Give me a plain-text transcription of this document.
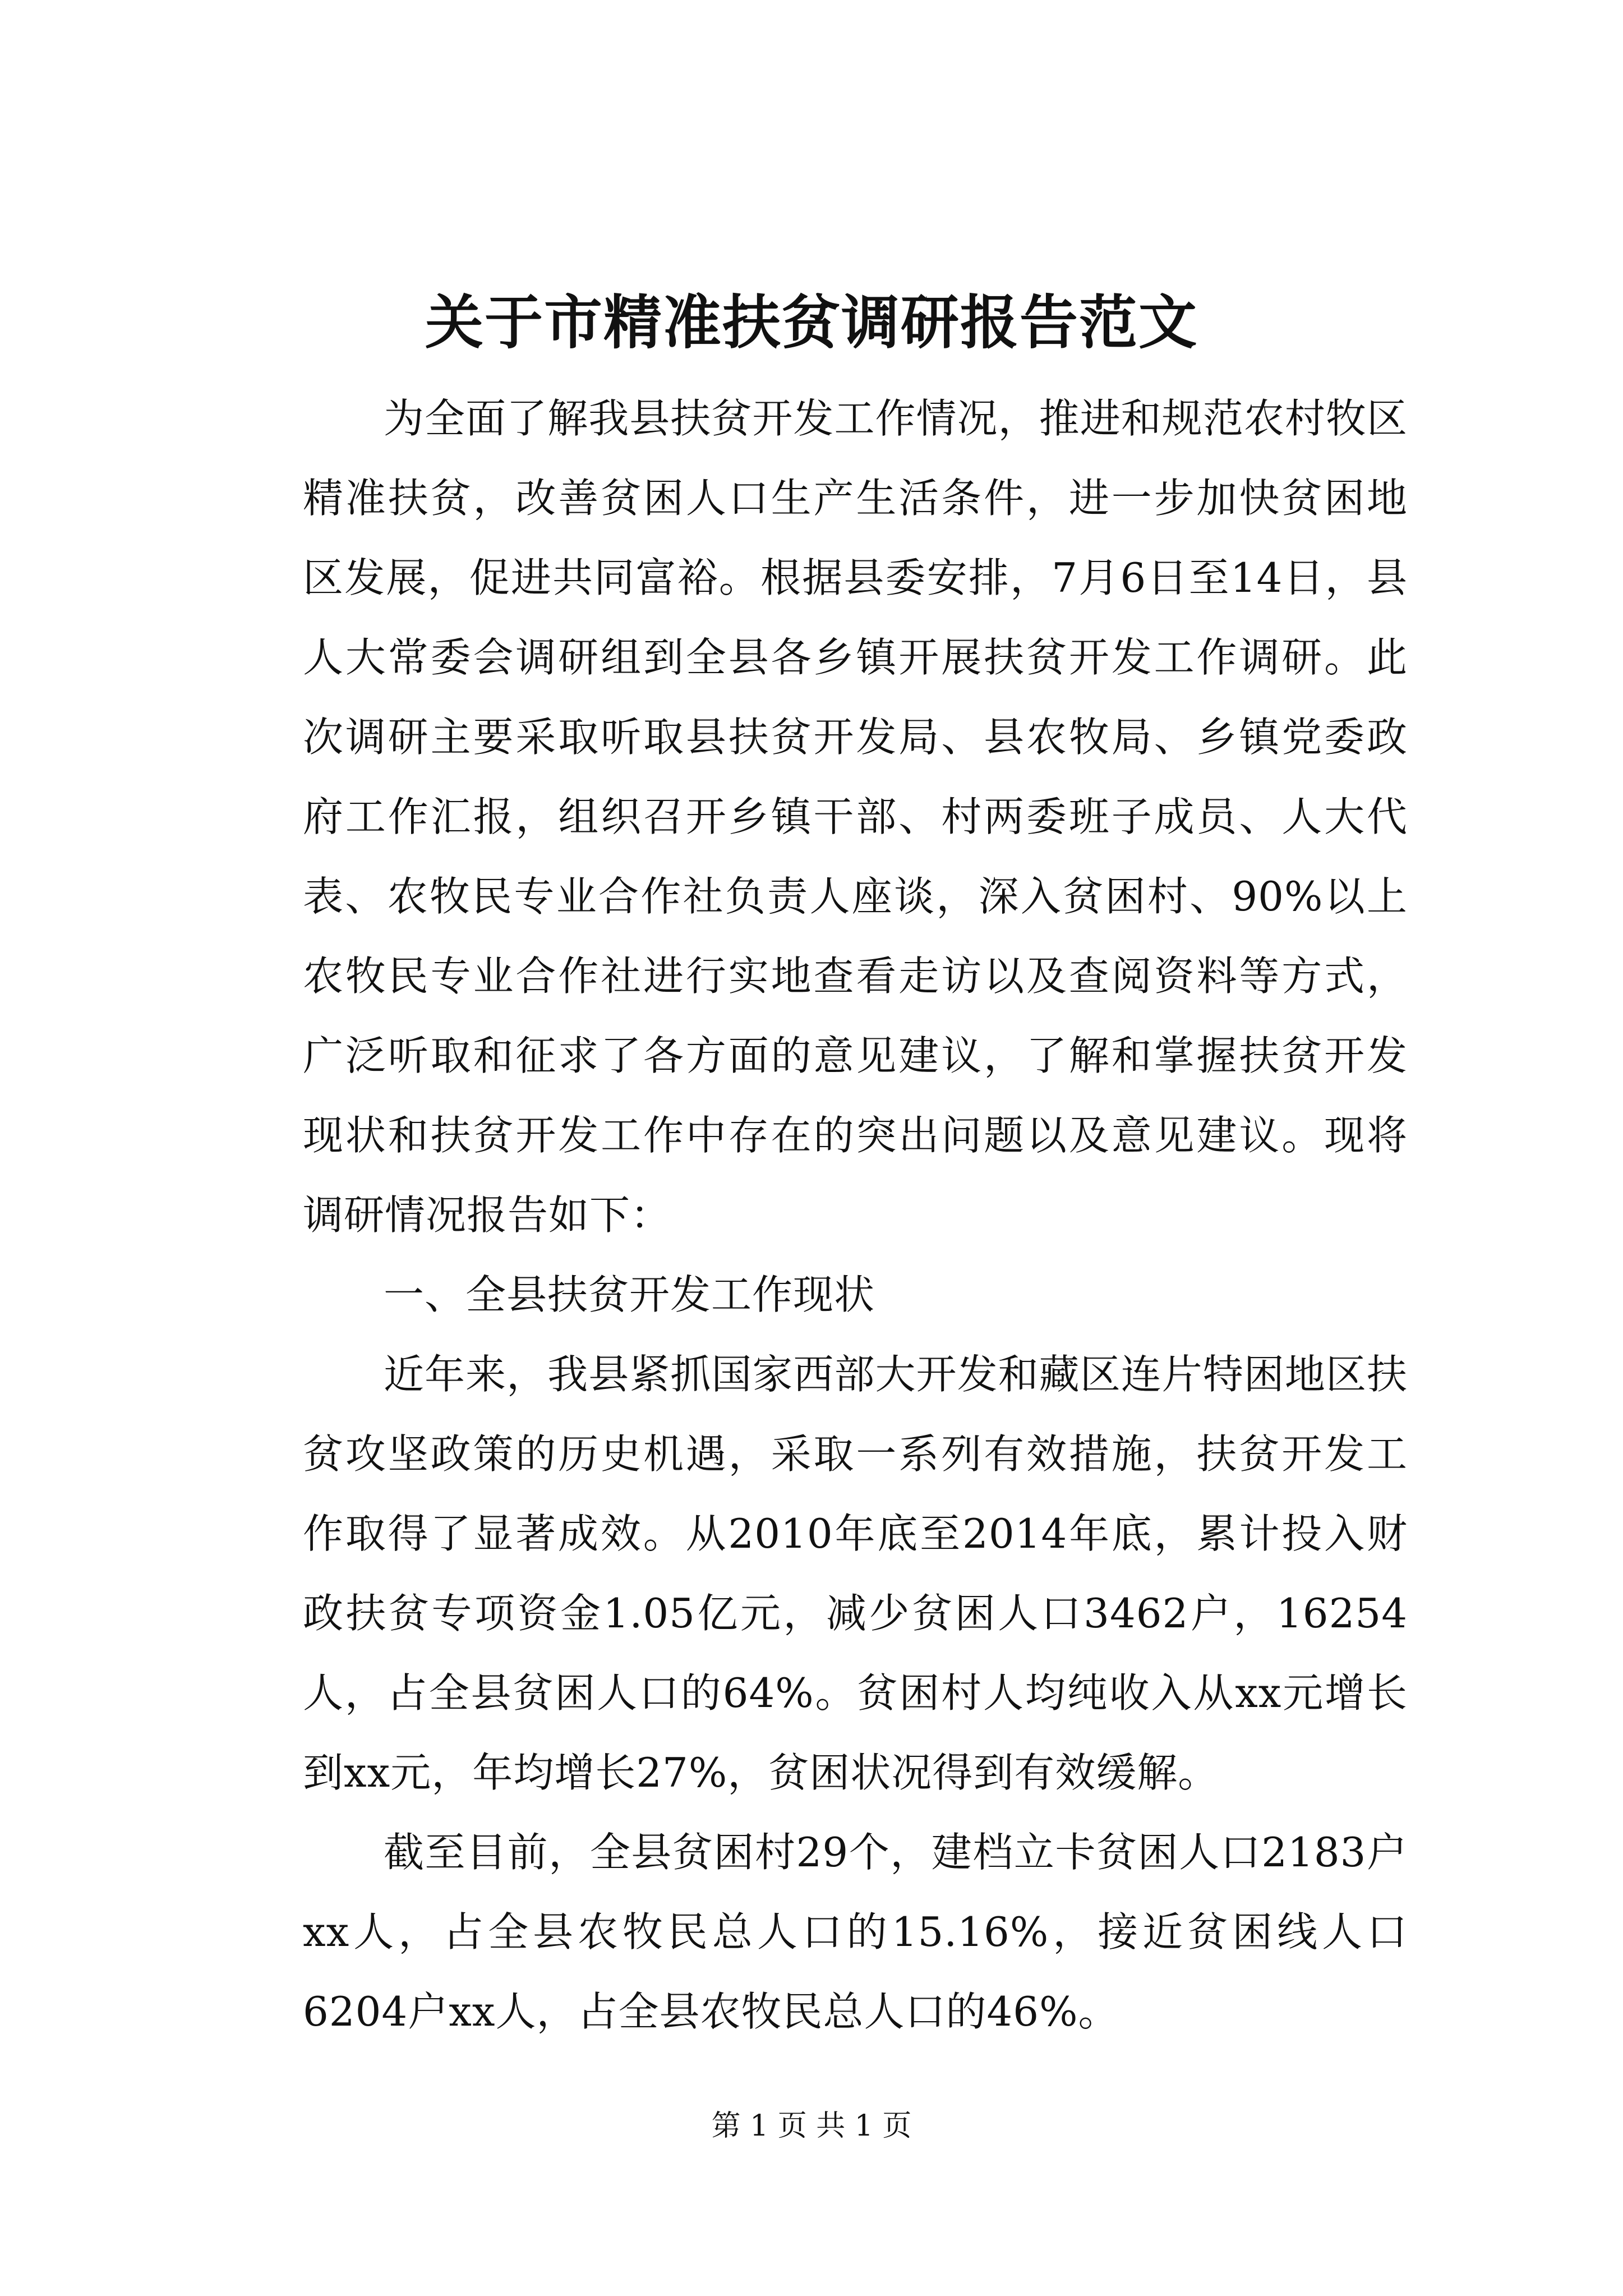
关于市精准扶贫调研报告范文

为全面了解我县扶贫开发工作情况，推进和规范农村牧区精准扶贫，改善贫困人口生产生活条件，进一步加快贫困地区发展，促进共同富裕。根据县委安排，7月6日至14日，县人大常委会调研组到全县各乡镇开展扶贫开发工作调研。此次调研主要采取听取县扶贫开发局、县农牧局、乡镇党委政府工作汇报，组织召开乡镇干部、村两委班子成员、人大代表、农牧民专业合作社负责人座谈，深入贫困村、90%以上农牧民专业合作社进行实地查看走访以及查阅资料等方式，广泛听取和征求了各方面的意见建议，了解和掌握扶贫开发现状和扶贫开发工作中存在的突出问题以及意见建议。现将调研情况报告如下：

一、全县扶贫开发工作现状

近年来，我县紧抓国家西部大开发和藏区连片特困地区扶贫攻坚政策的历史机遇，采取一系列有效措施，扶贫开发工作取得了显著成效。从2010年底至2014年底，累计投入财政扶贫专项资金1.05亿元，减少贫困人口3462户，16254人，占全县贫困人口的64%。贫困村人均纯收入从xx元增长到xx元，年均增长27%，贫困状况得到有效缓解。

截至目前，全县贫困村29个，建档立卡贫困人口2183户xx人，占全县农牧民总人口的15.16%，接近贫困线人口6204户xx人，占全县农牧民总人口的46%。

第 1 页 共 1 页
